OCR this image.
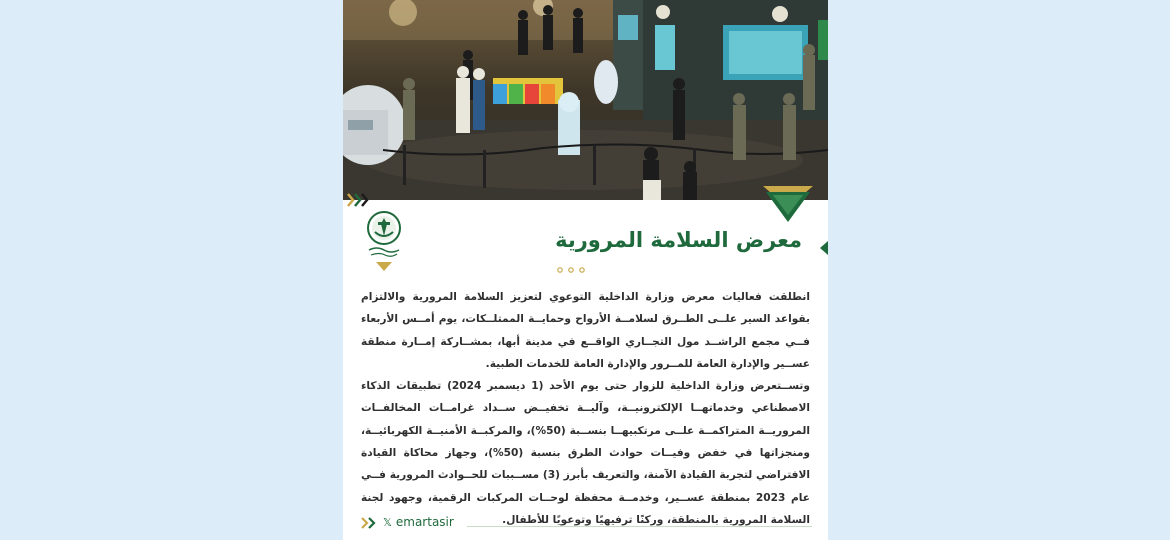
معرض السلامة المرورية

انطلقت فعاليات معرض وزارة الداخلية التوعوي لتعزيز السلامة المرورية والالتزام بقواعد السير علــى الطــرق لسلامــة الأرواح وحمايــة الممتلــكات، يوم أمــس الأربعاء فــي مجمع الراشــد مول التجــاري الواقــع في مدينة أبها، بمشــاركة إمــارة منطقة عســير والإدارة العامة للمــرور والإدارة العامة للخدمات الطبية.

وتســتعرض وزارة الداخلية للزوار حتى يوم الأحد (1 ديسمبر 2024) تطبيقات الذكاء الاصطناعي وخدماتهــا الإلكترونيــة، وآليــة تخفيــض ســداد غرامــات المخالفــات المروريــة المتراكمــة علــى مرتكبيهــا بنســبة (50%)، والمركبــة الأمنيــة الكهربائيــة، ومنجزاتها في خفض وفيــات حوادث الطرق بنسبة (50%)، وجهاز محاكاة القيادة الافتراضي لتجربة القيادة الآمنة، والتعريف بأبرز (3) مســببات للحــوادث المرورية فــي عام 2023 بمنطقة عســير، وخدمــة محفظة لوحــات المركبات الرقمية، وجهود لجنة السلامة المرورية بالمنطقة، وركنًا ترفيهيًا وتوعويًا للأطفال.

𝕏 emartasir
